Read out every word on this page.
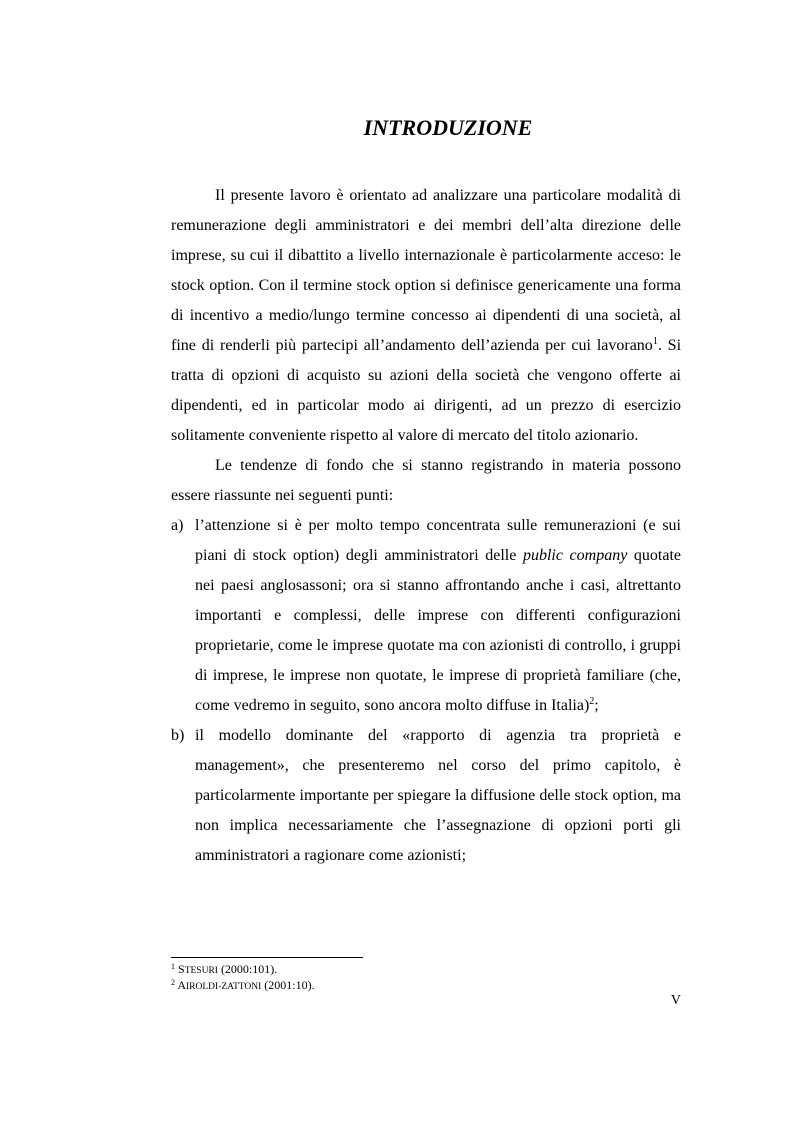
INTRODUZIONE

Il presente lavoro è orientato ad analizzare una particolare modalità di remunerazione degli amministratori e dei membri dell’alta direzione delle imprese, su cui il dibattito a livello internazionale è particolarmente acceso: le stock option. Con il termine stock option si definisce genericamente una forma di incentivo a medio/lungo termine concesso ai dipendenti di una società, al fine di renderli più partecipi all’andamento dell’azienda per cui lavorano$^1$. Si tratta di opzioni di acquisto su azioni della società che vengono offerte ai dipendenti, ed in particolar modo ai dirigenti, ad un prezzo di esercizio solitamente conveniente rispetto al valore di mercato del titolo azionario.

Le tendenze di fondo che si stanno registrando in materia possono essere riassunte nei seguenti punti:

a) l’attenzione si è per molto tempo concentrata sulle remunerazioni (e sui piani di stock option) degli amministratori delle public company quotate nei paesi anglosassoni; ora si stanno affrontando anche i casi, altrettanto importanti e complessi, delle imprese con differenti configurazioni proprietarie, come le imprese quotate ma con azionisti di controllo, i gruppi di imprese, le imprese non quotate, le imprese di proprietà familiare (che, come vedremo in seguito, sono ancora molto diffuse in Italia)$^2$;
b) il modello dominante del «rapporto di agenzia tra proprietà e management», che presenteremo nel corso del primo capitolo, è particolarmente importante per spiegare la diffusione delle stock option, ma non implica necessariamente che l’assegnazione di opzioni porti gli amministratori a ragionare come azionisti;
$^1$ STESURI (2000:101).
$^2$ AIROLDI-ZATTONI (2001:10).
V
